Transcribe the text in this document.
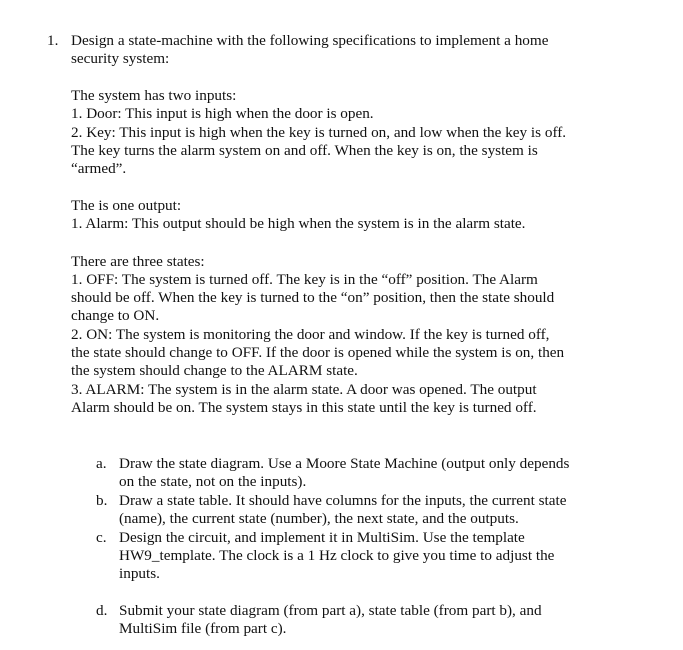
1. Design a state-machine with the following specifications to implement a home
security system:
The system has two inputs:
1. Door: This input is high when the door is open.
2. Key: This input is high when the key is turned on, and low when the key is off.
The key turns the alarm system on and off. When the key is on, the system is
“armed”.
The is one output:
1. Alarm: This output should be high when the system is in the alarm state.
There are three states:
1. OFF: The system is turned off. The key is in the “off” position. The Alarm
should be off. When the key is turned to the “on” position, then the state should
change to ON.
2. ON: The system is monitoring the door and window. If the key is turned off,
the state should change to OFF. If the door is opened while the system is on, then
the system should change to the ALARM state.
3. ALARM: The system is in the alarm state. A door was opened. The output
Alarm should be on. The system stays in this state until the key is turned off.
a. Draw the state diagram. Use a Moore State Machine (output only depends
on the state, not on the inputs).
b. Draw a state table. It should have columns for the inputs, the current state
(name), the current state (number), the next state, and the outputs.
c. Design the circuit, and implement it in MultiSim. Use the template
HW9_template. The clock is a 1 Hz clock to give you time to adjust the
inputs.
d. Submit your state diagram (from part a), state table (from part b), and
MultiSim file (from part c).
